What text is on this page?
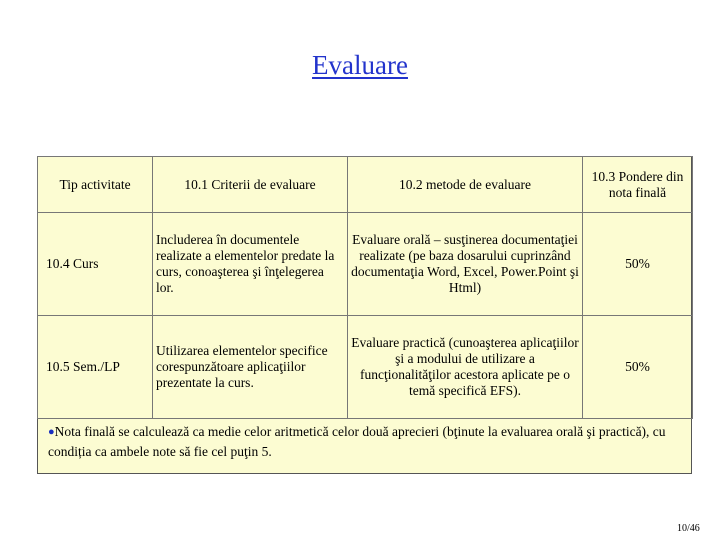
Evaluare
Tip activitate	10.1 Criterii de evaluare	10.2 metode de evaluare	10.3 Pondere din nota finală
10.4 Curs	Includerea în documentele realizate a elementelor predate la curs, conoaşterea şi înţelegerea lor.	Evaluare orală – susţinerea documentaţiei realizate (pe baza dosarului cuprinzând documentaţia Word, Excel, Power.Point şi Html)	50%
10.5 Sem./LP	Utilizarea elementelor specifice corespunzătoare aplicaţiilor prezentate la curs.	Evaluare practică (cunoaşterea aplicaţiilor şi a modului de utilizare a funcţionalităţilor acestora aplicate pe o temă specifică EFS).	50%
●Nota finală se calculează ca medie celor aritmetică celor două aprecieri (bţinute la evaluarea orală şi practică), cu condiția ca ambele note să fie cel puţin 5.
10/46
